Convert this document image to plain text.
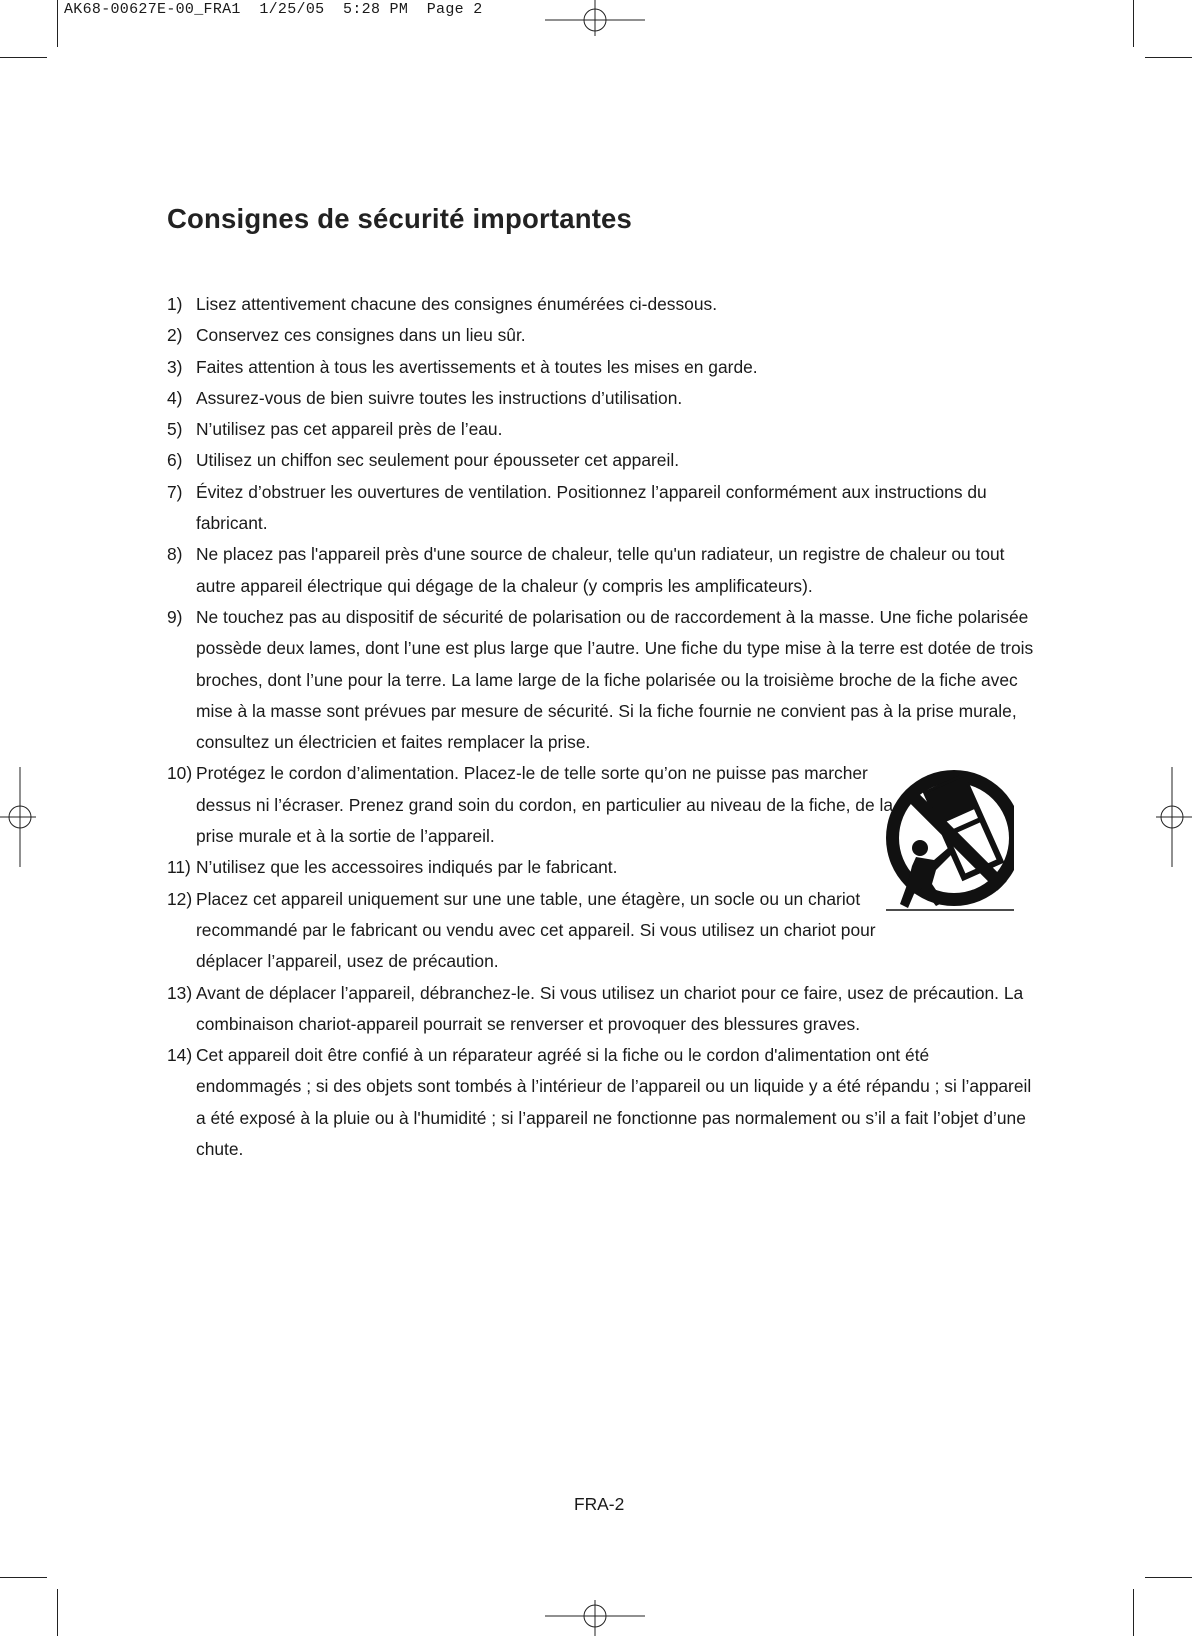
AK68-00627E-00_FRA1  1/25/05  5:28 PM  Page 2
Consignes de sécurité importantes
1) Lisez attentivement chacune des consignes énumérées ci-dessous.
2) Conservez ces consignes dans un lieu sûr.
3) Faites attention à tous les avertissements et à toutes les mises en garde.
4) Assurez-vous de bien suivre toutes les instructions d’utilisation.
5) N’utilisez pas cet appareil près de l’eau.
6) Utilisez un chiffon sec seulement pour épousseter cet appareil.
7) Évitez d’obstruer les ouvertures de ventilation. Positionnez l’appareil conformément aux instructions du fabricant.
8) Ne placez pas l'appareil près d'une source de chaleur, telle qu'un radiateur, un registre de chaleur ou tout autre appareil électrique qui dégage de la chaleur (y compris les amplificateurs).
9) Ne touchez pas au dispositif de sécurité de polarisation ou de raccordement à la masse. Une fiche polarisée possède deux lames, dont l’une est plus large que l’autre. Une fiche du type mise à la terre est dotée de trois broches, dont l’une pour la terre. La lame large de la fiche polarisée ou la troisième broche de la fiche avec mise à la masse sont prévues par mesure de sécurité. Si la fiche fournie ne convient pas à la prise murale, consultez un électricien et faites remplacer la prise.
10) Protégez le cordon d’alimentation. Placez-le de telle sorte qu’on ne puisse pas marcher dessus ni l’écraser. Prenez grand soin du cordon, en particulier au niveau de la fiche, de la prise murale et à la sortie de l’appareil.
11) N’utilisez que les accessoires indiqués par le fabricant.
12) Placez cet appareil uniquement sur une une table, une étagère, un socle ou un chariot recommandé par le fabricant ou vendu avec cet appareil. Si vous utilisez un chariot pour déplacer l’appareil, usez de précaution.
13) Avant de déplacer l’appareil, débranchez-le. Si vous utilisez un chariot pour ce faire, usez de précaution. La combinaison chariot-appareil pourrait se renverser et provoquer des blessures graves.
14) Cet appareil doit être confié à un réparateur agréé si la fiche ou le cordon d'alimentation ont été endommagés ; si des objets sont tombés à l’intérieur de l’appareil ou un liquide y a été répandu ; si l’appareil a été exposé à la pluie ou à l'humidité ; si l’appareil ne fonctionne pas normalement ou s’il a fait l’objet d’une chute.
FRA-2
